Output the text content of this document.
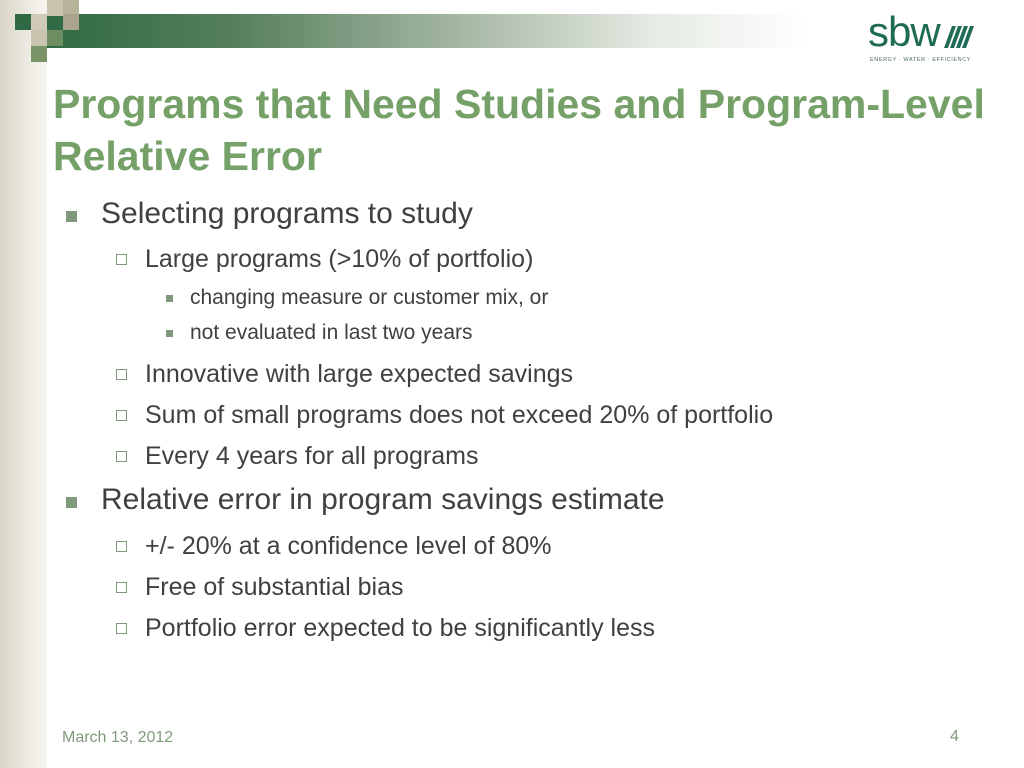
sbw
ENERGY · WATER · EFFICIENCY
Programs that Need Studies and Program-Level Relative Error
Selecting programs to study
Large programs (>10% of portfolio)
changing measure or customer mix, or
not evaluated in last two years
Innovative with large expected savings
Sum of small programs does not exceed 20% of portfolio
Every 4 years for all programs
Relative error in program savings estimate
+/- 20% at a confidence level of 80%
Free of substantial bias
Portfolio error expected to be significantly less
March 13, 2012	4
